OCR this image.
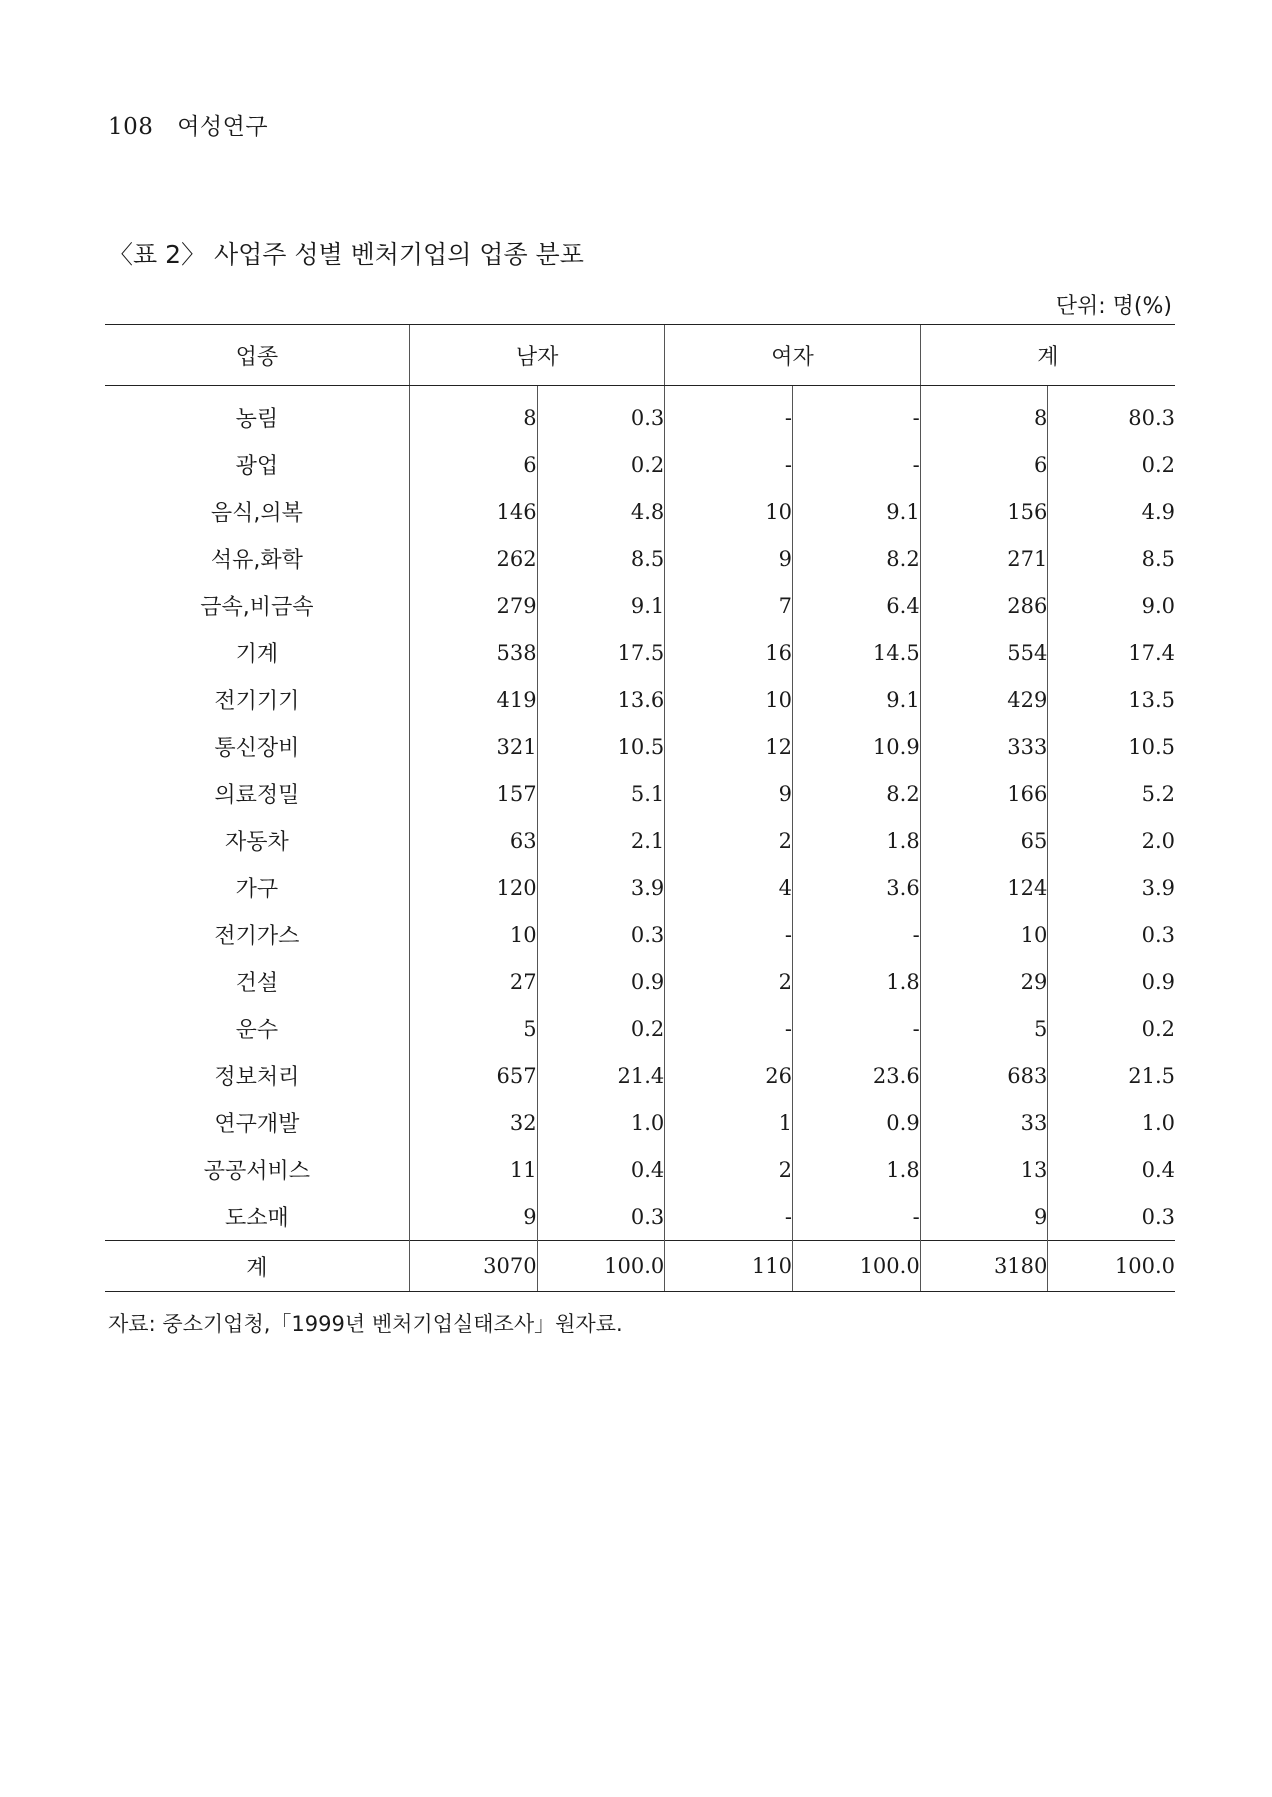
108 여성연구
〈표 2〉 사업주 성별 벤처기업의 업종 분포
단위: 명(%)
업종	남자		여자		계	
농림	8	0.3	-	-	8	80.3
광업	6	0.2	-	-	6	0.2
음식,의복	146	4.8	10	9.1	156	4.9
석유,화학	262	8.5	9	8.2	271	8.5
금속,비금속	279	9.1	7	6.4	286	9.0
기계	538	17.5	16	14.5	554	17.4
전기기기	419	13.6	10	9.1	429	13.5
통신장비	321	10.5	12	10.9	333	10.5
의료정밀	157	5.1	9	8.2	166	5.2
자동차	63	2.1	2	1.8	65	2.0
가구	120	3.9	4	3.6	124	3.9
전기가스	10	0.3	-	-	10	0.3
건설	27	0.9	2	1.8	29	0.9
운수	5	0.2	-	-	5	0.2
정보처리	657	21.4	26	23.6	683	21.5
연구개발	32	1.0	1	0.9	33	1.0
공공서비스	11	0.4	2	1.8	13	0.4
도소매	9	0.3	-	-	9	0.3
계	3070	100.0	110	100.0	3180	100.0
자료: 중소기업청,「1999년 벤처기업실태조사」원자료.
